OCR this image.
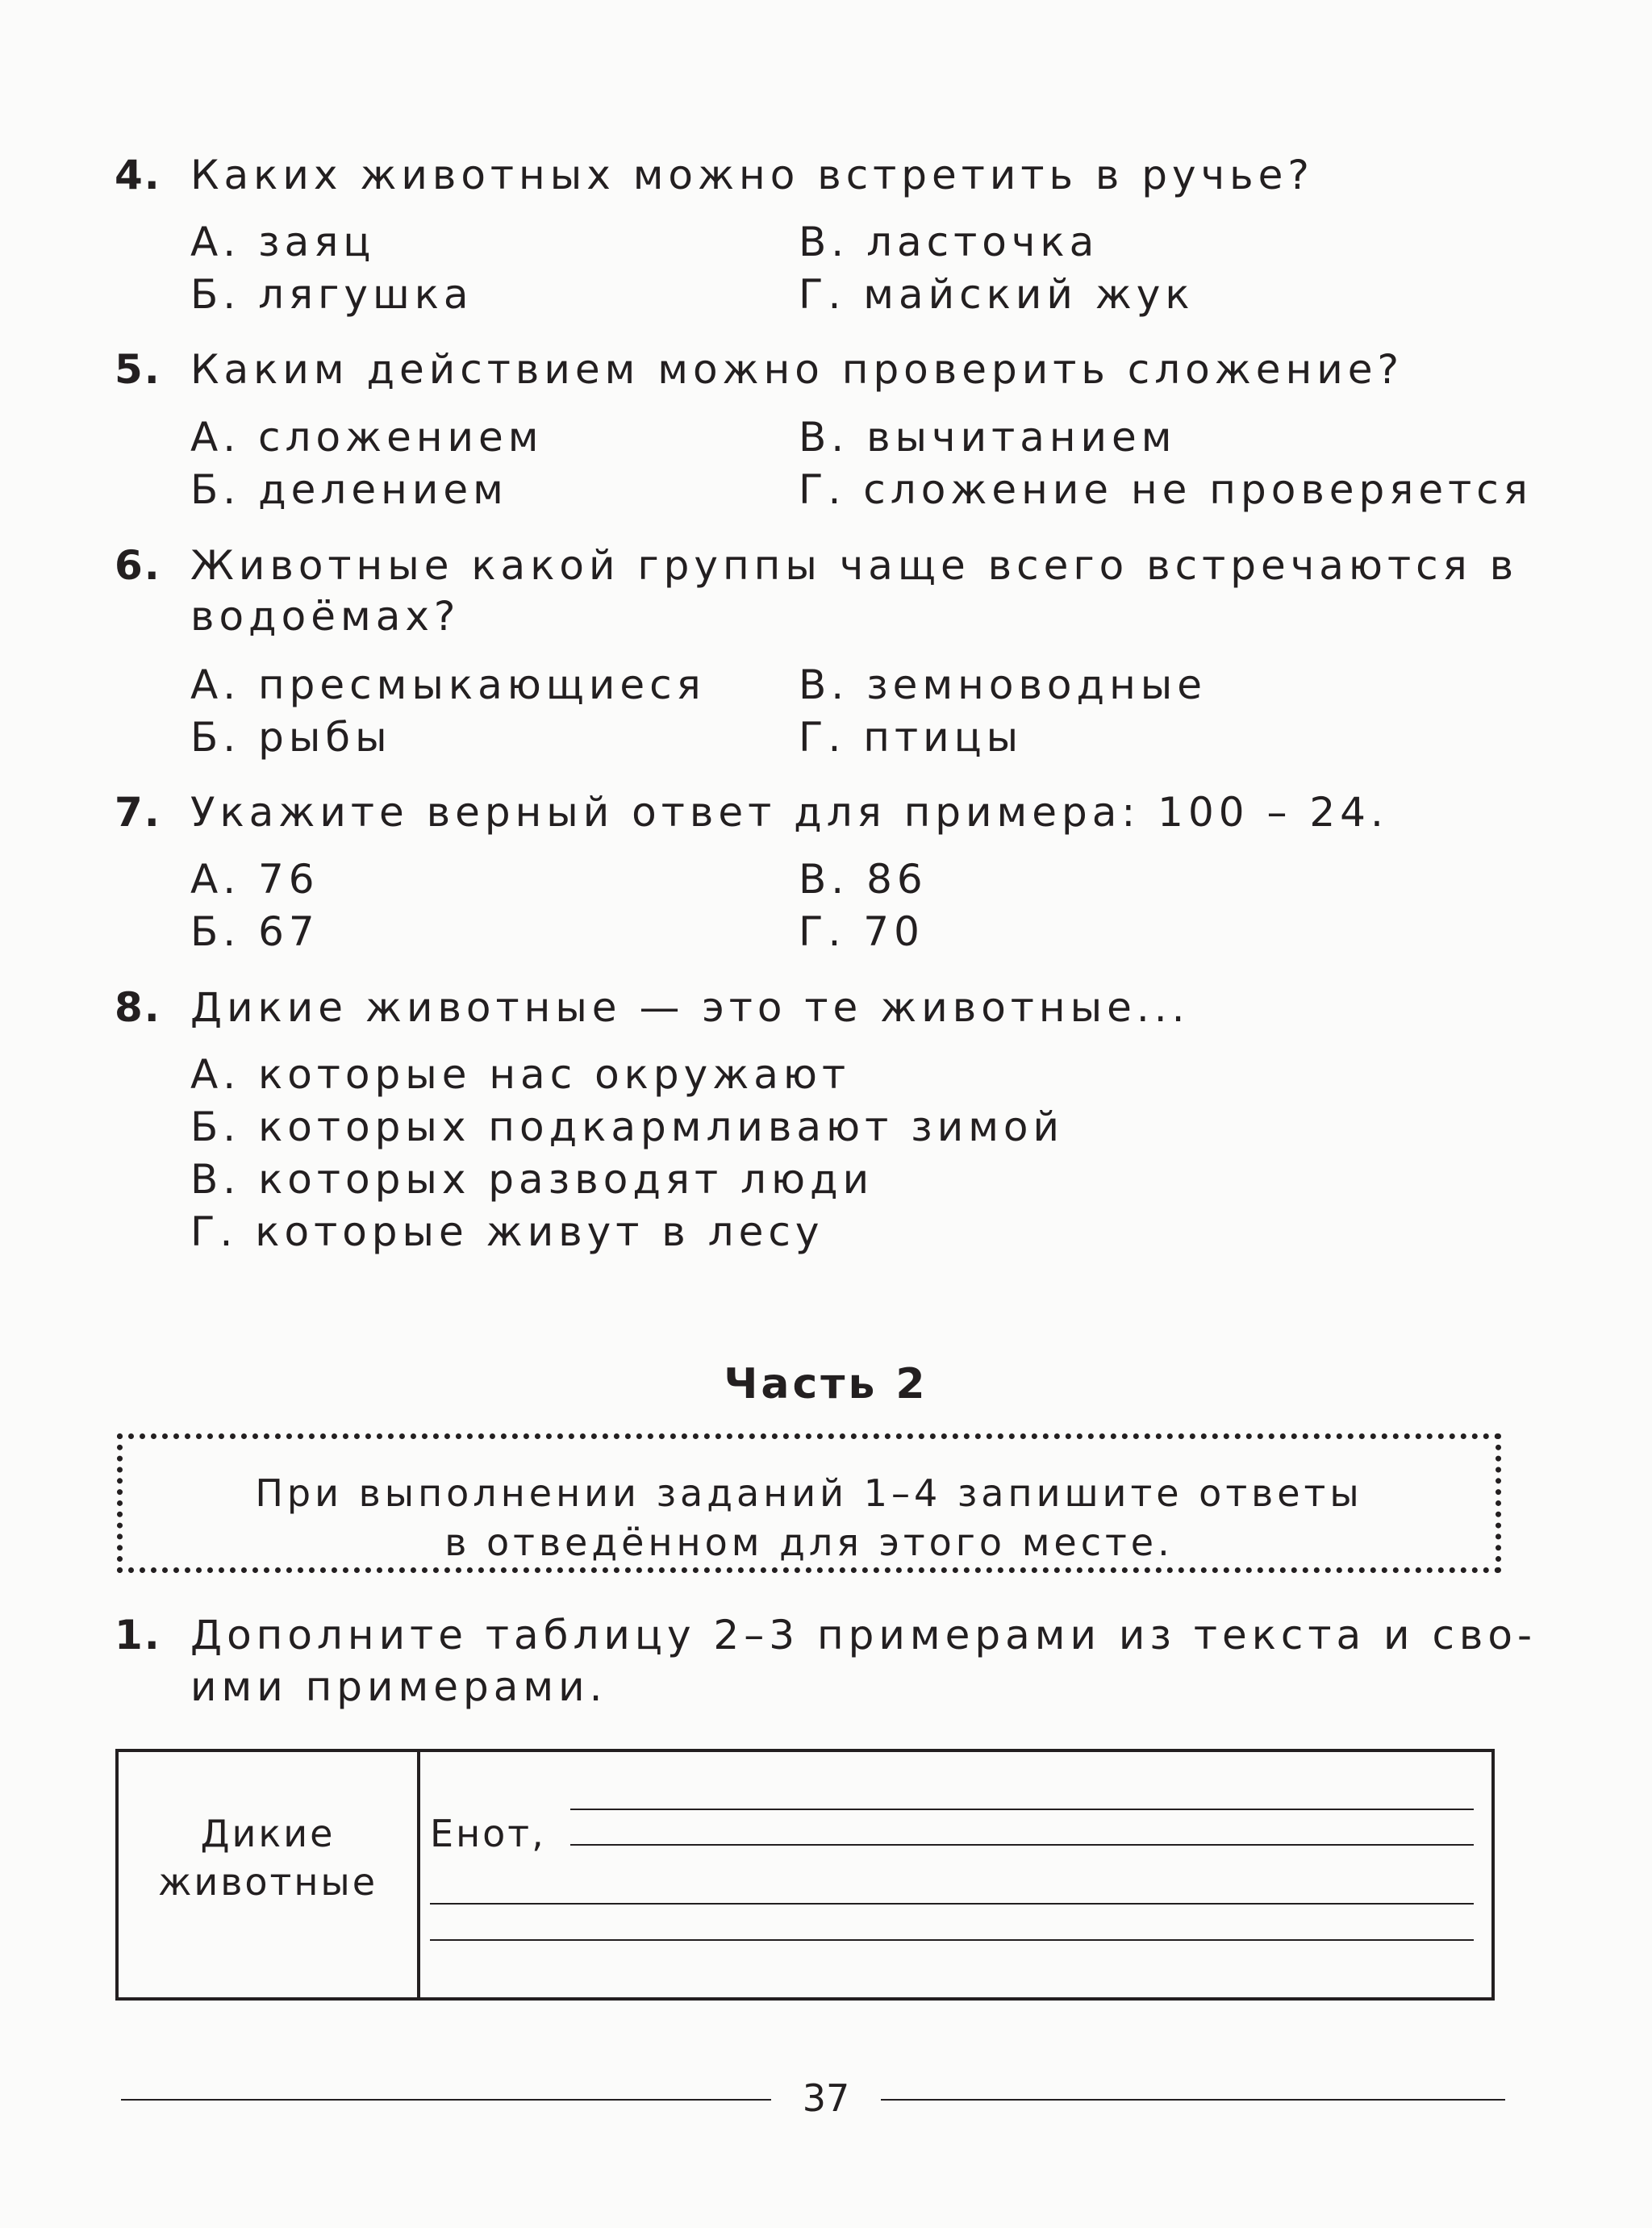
4. Каких животных можно встретить в ручье?
А. заяц
Б. лягушка
В. ласточка
Г. майский жук
5. Каким действием можно проверить сложение?
А. сложением
Б. делением
В. вычитанием
Г. сложение не проверяется
6. Животные какой группы чаще всего встречаются в
водоёмах?
А. пресмыкающиеся
Б. рыбы
В. земноводные
Г. птицы
7. Укажите верный ответ для примера: 100 – 24.
А. 76
Б. 67
В. 86
Г. 70
8. Дикие животные — это те животные...
А. которые нас окружают
Б. которых подкармливают зимой
В. которых разводят люди
Г. которые живут в лесу
Часть 2
При выполнении заданий 1–4 запишите ответы
в отведённом для этого месте.
1. Дополните таблицу 2–3 примерами из текста и сво-
ими примерами.
Дикие
животные
Енот,
37
